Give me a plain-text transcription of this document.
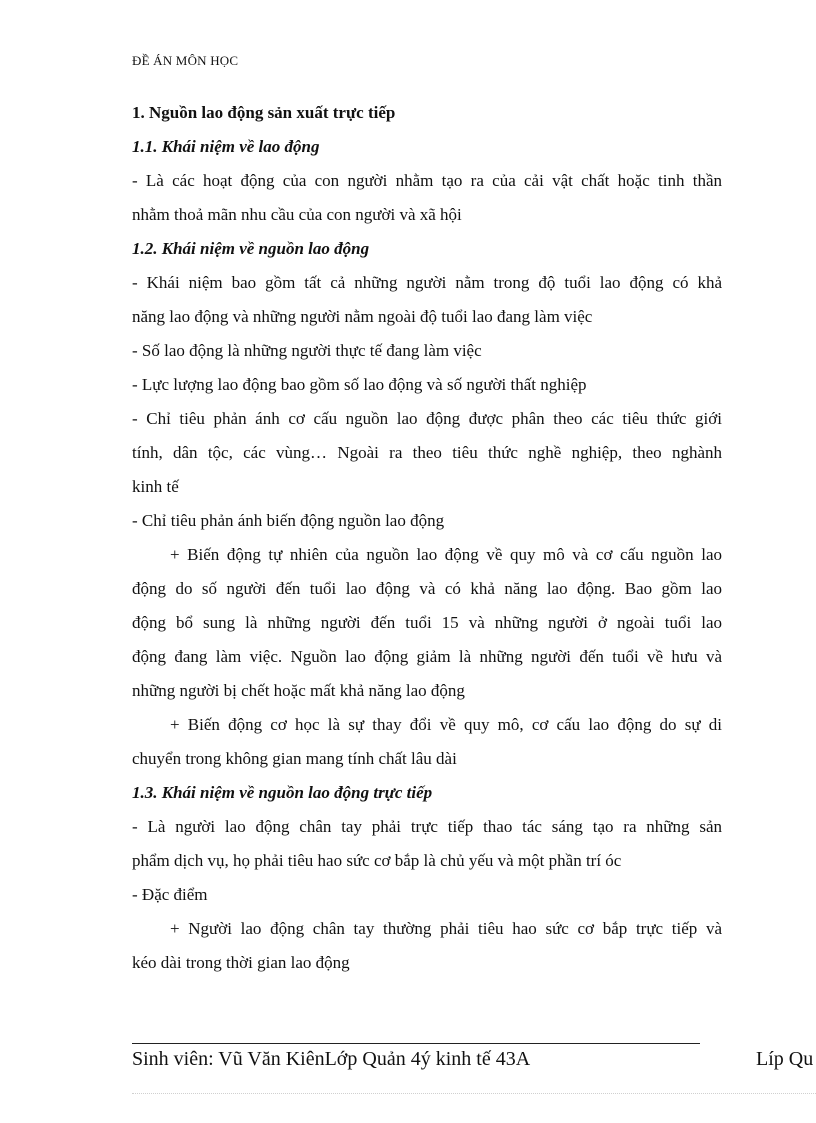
ĐỀ ÁN MÔN HỌC
1. Nguồn lao động sản xuất trực tiếp
1.1. Khái niệm về lao động
- Là các hoạt động của con người nhằm tạo ra của cải vật chất hoặc tinh thần
nhằm thoả mãn nhu cầu của con người và xã hội
1.2. Khái niệm về nguồn lao động
- Khái niệm bao gồm tất cả những người nằm trong độ tuổi lao động có khả
năng lao động và những người nằm ngoài độ tuổi lao đang làm việc
- Số lao động là những người thực tế đang làm việc
- Lực lượng lao động bao gồm số lao động và số người thất nghiệp
- Chỉ tiêu phản ánh cơ cấu nguồn lao động được phân theo các tiêu thức giới
tính, dân tộc, các vùng… Ngoài ra theo tiêu thức nghề nghiệp, theo nghành
kinh tế
- Chỉ tiêu phản ánh biến động nguồn lao động
+ Biến động tự nhiên của nguồn lao động về quy mô và cơ cấu nguồn lao
động do số người đến tuổi lao động và có khả năng lao động. Bao gồm lao
động bổ sung là những người đến tuổi 15 và những người ở ngoài tuổi lao
động đang làm việc. Nguồn lao động giảm là những người đến tuổi về hưu và
những người bị chết hoặc mất khả năng lao động
+ Biến động cơ học là sự thay đổi về quy mô, cơ cấu lao động do sự di
chuyển trong không gian mang tính chất lâu dài
1.3. Khái niệm về nguồn lao động trực tiếp
- Là người lao động chân tay phải trực tiếp thao tác sáng tạo ra những sản
phẩm dịch vụ, họ phải tiêu hao sức cơ bắp là chủ yếu và một phần trí óc
- Đặc điểm
+ Người lao động chân tay thường phải tiêu hao sức cơ bắp trực tiếp và
kéo dài trong thời gian lao động
Sinh viên: Vũ Văn KiênLớp Quản 4ý kinh tế 43A	Líp Qu
